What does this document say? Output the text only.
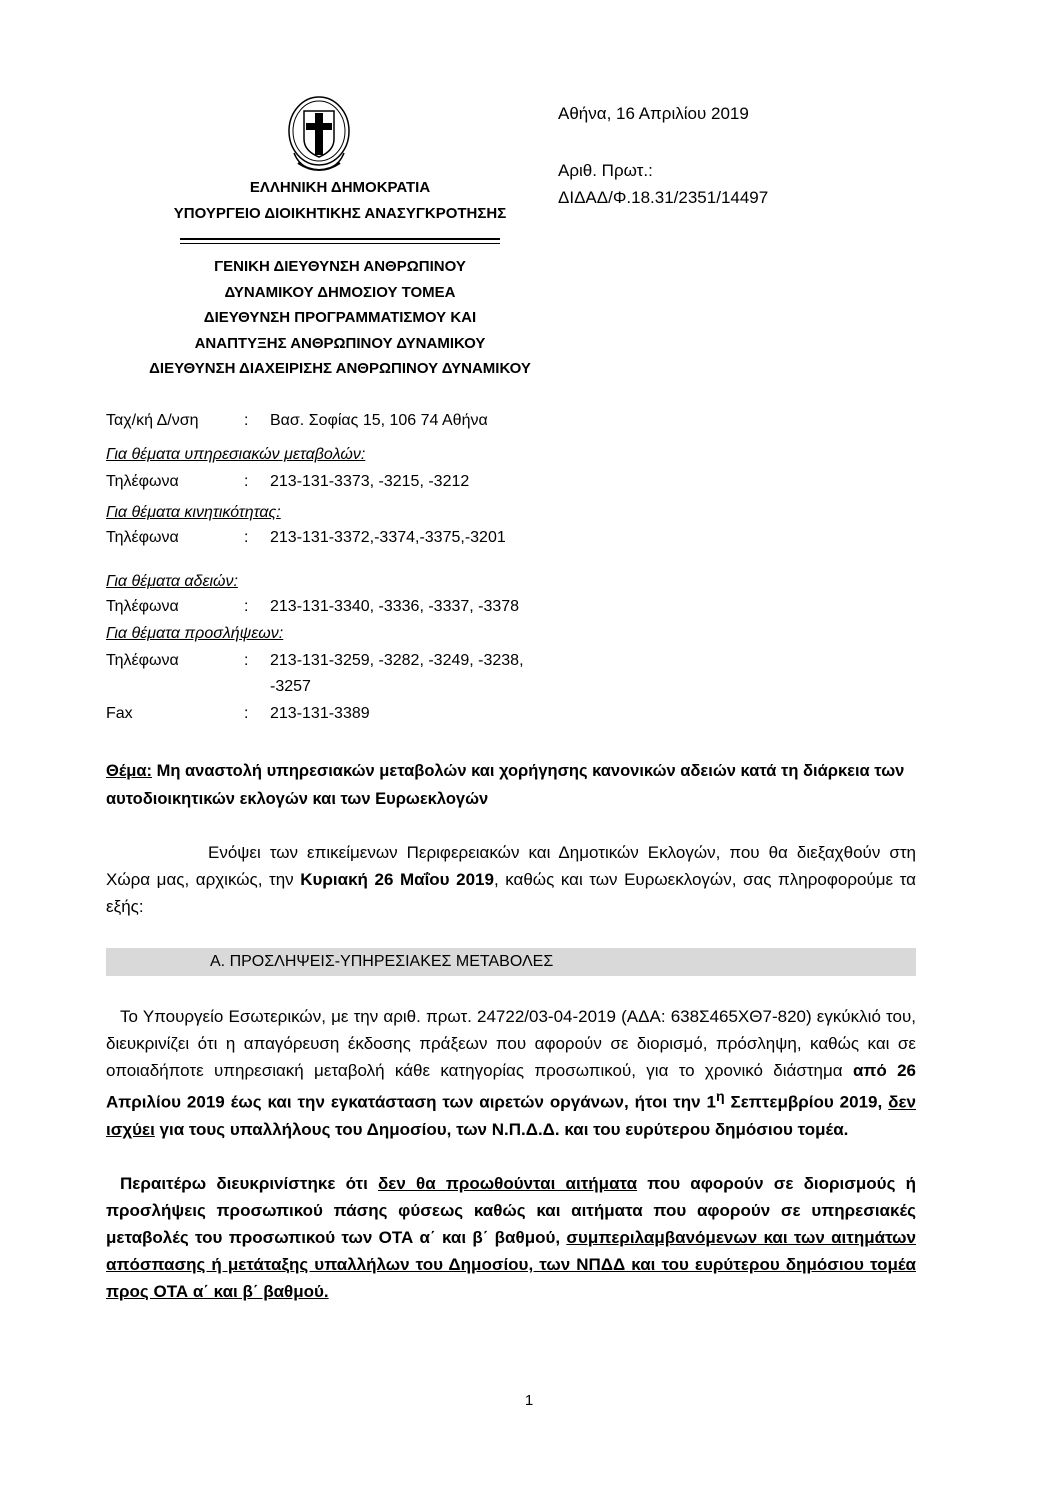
ΕΛΛΗΝΙΚΗ ΔΗΜΟΚΡΑΤΙΑ
ΥΠΟΥΡΓΕΙΟ ΔΙΟΙΚΗΤΙΚΗΣ ΑΝΑΣΥΓΚΡΟΤΗΣΗΣ
ΓΕΝΙΚΗ ΔΙΕΥΘΥΝΣΗ ΑΝΘΡΩΠΙΝΟΥ
ΔΥΝΑΜΙΚΟΥ ΔΗΜΟΣΙΟΥ ΤΟΜΕΑ
ΔΙΕΥΘΥΝΣΗ ΠΡΟΓΡΑΜΜΑΤΙΣΜΟΥ ΚΑΙ
ΑΝΑΠΤΥΞΗΣ ΑΝΘΡΩΠΙΝΟΥ ΔΥΝΑΜΙΚΟΥ
ΔΙΕΥΘΥΝΣΗ ΔΙΑΧΕΙΡΙΣΗΣ ΑΝΘΡΩΠΙΝΟΥ ΔΥΝΑΜΙΚΟΥ
Αθήνα, 16 Απριλίου 2019
Αριθ. Πρωτ.:
ΔΙΔΑΔ/Φ.18.31/2351/14497
Ταχ/κή Δ/νση	: Βασ. Σοφίας 15, 106 74 Αθήνα
Για θέματα υπηρεσιακών μεταβολών:
Τηλέφωνα	: 213-131-3373, -3215, -3212
Για θέματα κινητικότητας:
Τηλέφωνα	: 213-131-3372,-3374,-3375,-3201
Για θέματα αδειών:
Τηλέφωνα	: 213-131-3340, -3336, -3337, -3378
Για θέματα προσλήψεων:
Τηλέφωνα	: 213-131-3259, -3282, -3249, -3238,
-3257
Fax	: 213-131-3389
Θέμα: Μη αναστολή υπηρεσιακών μεταβολών και χορήγησης κανονικών αδειών κατά τη διάρκεια των αυτοδιοικητικών εκλογών και των Ευρωεκλογών

Ενόψει των επικείμενων Περιφερειακών και Δημοτικών Εκλογών, που θα διεξαχθούν στη Χώρα μας, αρχικώς, την Κυριακή 26 Μαΐου 2019, καθώς και των Ευρωεκλογών, σας πληροφορούμε τα εξής:

Α. ΠΡΟΣΛΗΨΕΙΣ-ΥΠΗΡΕΣΙΑΚΕΣ ΜΕΤΑΒΟΛΕΣ

Το Υπουργείο Εσωτερικών, με την αριθ. πρωτ. 24722/03-04-2019 (ΑΔΑ: 638Σ465ΧΘ7-820) εγκύκλιό του, διευκρινίζει ότι η απαγόρευση έκδοσης πράξεων που αφορούν σε διορισμό, πρόσληψη, καθώς και σε οποιαδήποτε υπηρεσιακή μεταβολή κάθε κατηγορίας προσωπικού, για το χρονικό διάστημα από 26 Απριλίου 2019 έως και την εγκατάσταση των αιρετών οργάνων, ήτοι την $1^\eta$ Σεπτεμβρίου 2019, δεν ισχύει για τους υπαλλήλους του Δημοσίου, των Ν.Π.Δ.Δ. και του ευρύτερου δημόσιου τομέα.

Περαιτέρω διευκρινίστηκε ότι δεν θα προωθούνται αιτήματα που αφορούν σε διορισμούς ή προσλήψεις προσωπικού πάσης φύσεως καθώς και αιτήματα που αφορούν σε υπηρεσιακές μεταβολές του προσωπικού των ΟΤΑ α΄ και β΄ βαθμού, συμπεριλαμβανόμενων και των αιτημάτων απόσπασης ή μετάταξης υπαλλήλων του Δημοσίου, των ΝΠΔΔ και του ευρύτερου δημόσιου τομέα προς ΟΤΑ α΄ και β΄ βαθμού.

1
